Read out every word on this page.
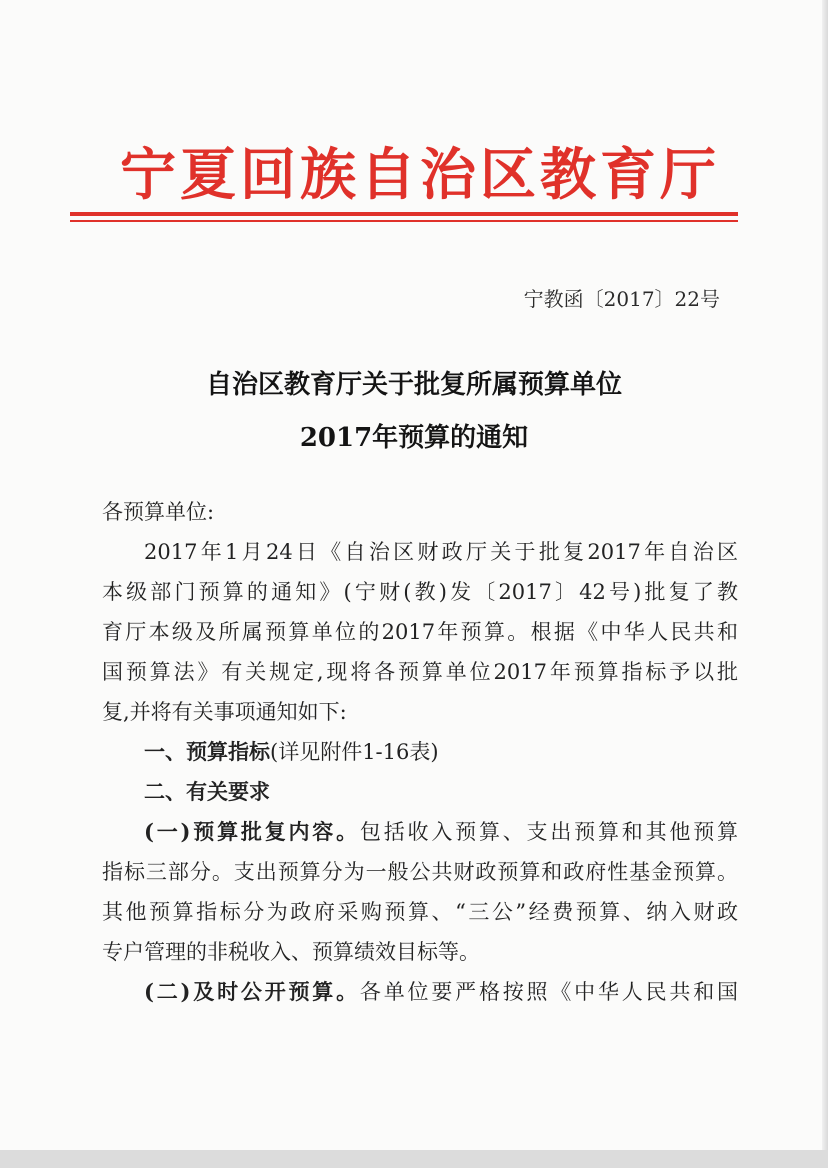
宁夏回族自治区教育厅
宁教函〔2017〕22号
自治区教育厅关于批复所属预算单位
2017年预算的通知
各预算单位:
2017年1月24日《自治区财政厅关于批复2017年自治区
本级部门预算的通知》(宁财(教)发〔2017〕42号)批复了教
育厅本级及所属预算单位的2017年预算。根据《中华人民共和
国预算法》有关规定,现将各预算单位2017年预算指标予以批
复,并将有关事项通知如下:
一、预算指标(详见附件1-16表)
二、有关要求
(一)预算批复内容。包括收入预算、支出预算和其他预算
指标三部分。支出预算分为一般公共财政预算和政府性基金预算。
其他预算指标分为政府采购预算、“三公”经费预算、纳入财政
专户管理的非税收入、预算绩效目标等。
(二)及时公开预算。各单位要严格按照《中华人民共和国
